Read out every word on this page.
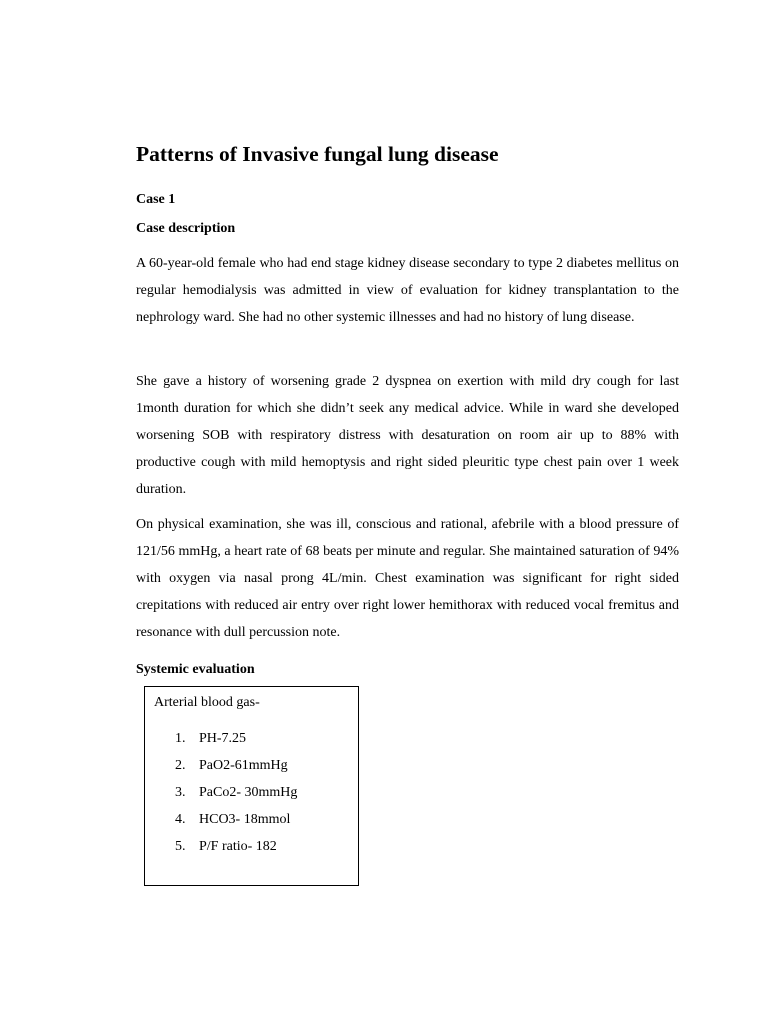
Patterns of Invasive fungal lung disease

Case 1

Case description

A 60-year-old female who had end stage kidney disease secondary to type 2 diabetes mellitus on regular hemodialysis was admitted in view of evaluation for kidney transplantation to the nephrology ward. She had no other systemic illnesses and had no history of lung disease.

She gave a history of worsening grade 2 dyspnea on exertion with mild dry cough for last 1month duration for which she didn’t seek any medical advice. While in ward she developed worsening SOB with respiratory distress with desaturation on room air up to 88% with productive cough with mild hemoptysis and right sided pleuritic type chest pain over 1 week duration.

On physical examination, she was ill, conscious and rational, afebrile with a blood pressure of 121/56 mmHg, a heart rate of 68 beats per minute and regular. She maintained saturation of 94% with oxygen via nasal prong 4L/min. Chest examination was significant for right sided crepitations with reduced air entry over right lower hemithorax with reduced vocal fremitus and resonance with dull percussion note.

Systemic evaluation

Arterial blood gas-

1. PH-7.25
2. PaO2-61mmHg
3. PaCo2- 30mmHg
4. HCO3- 18mmol
5. P/F ratio- 182
